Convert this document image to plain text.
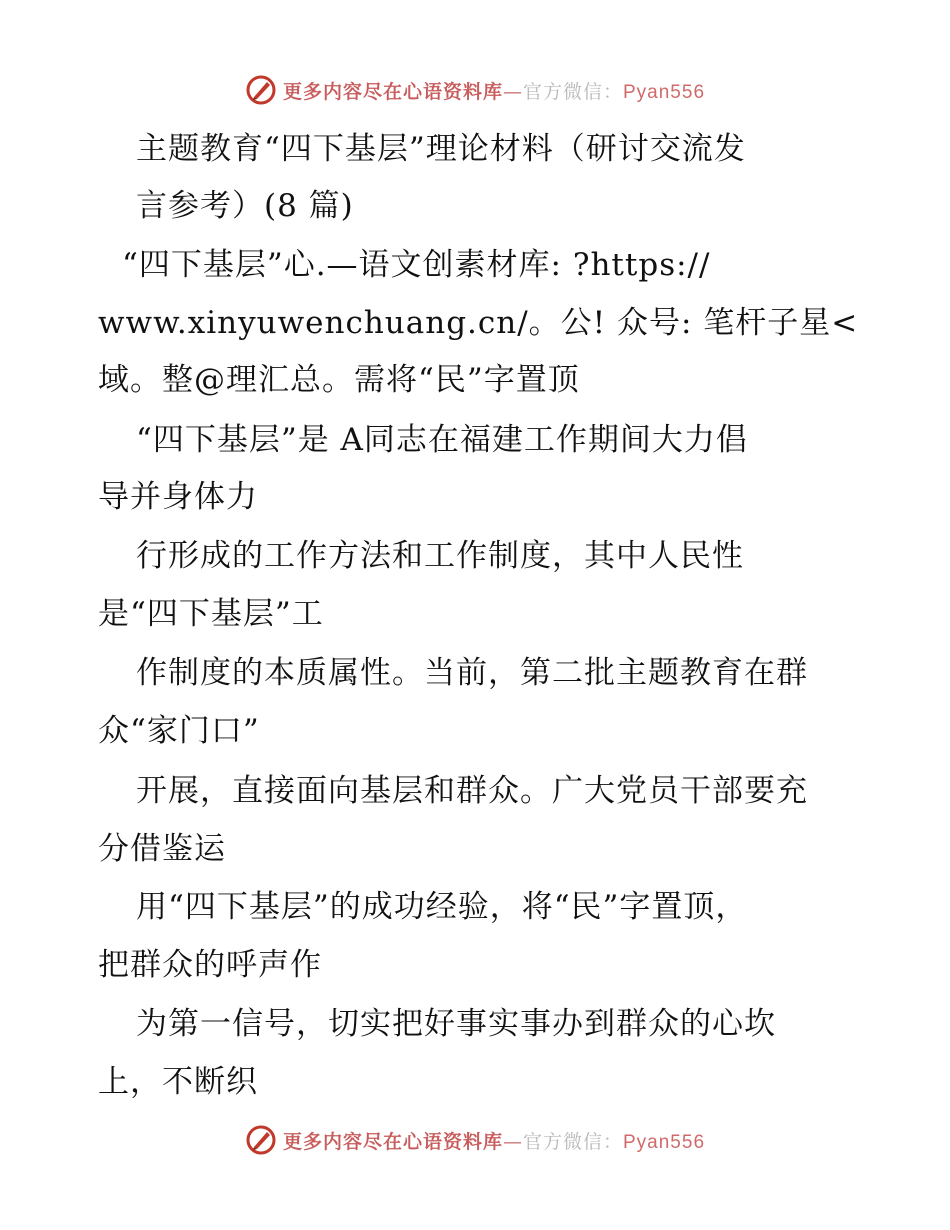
更多内容尽在心语资料库—官方微信：Pyan556
主题教育“四下基层”理论材料（研讨交流发
言参考）(8 篇)
“四下基层”心.—语文创素材库: ?https://
www.xinyuwenchuang.cn/。公! 众号: 笔杆子星<
域。整@理汇总。需将“民”字置顶
“四下基层”是 A同志在福建工作期间大力倡
导并身体力
行形成的工作方法和工作制度，其中人民性
是“四下基层”工
作制度的本质属性。当前，第二批主题教育在群
众“家门口”
开展，直接面向基层和群众。广大党员干部要充
分借鉴运
用“四下基层”的成功经验，将“民”字置顶，
把群众的呼声作
为第一信号，切实把好事实事办到群众的心坎
上，不断织
更多内容尽在心语资料库—官方微信：Pyan556
